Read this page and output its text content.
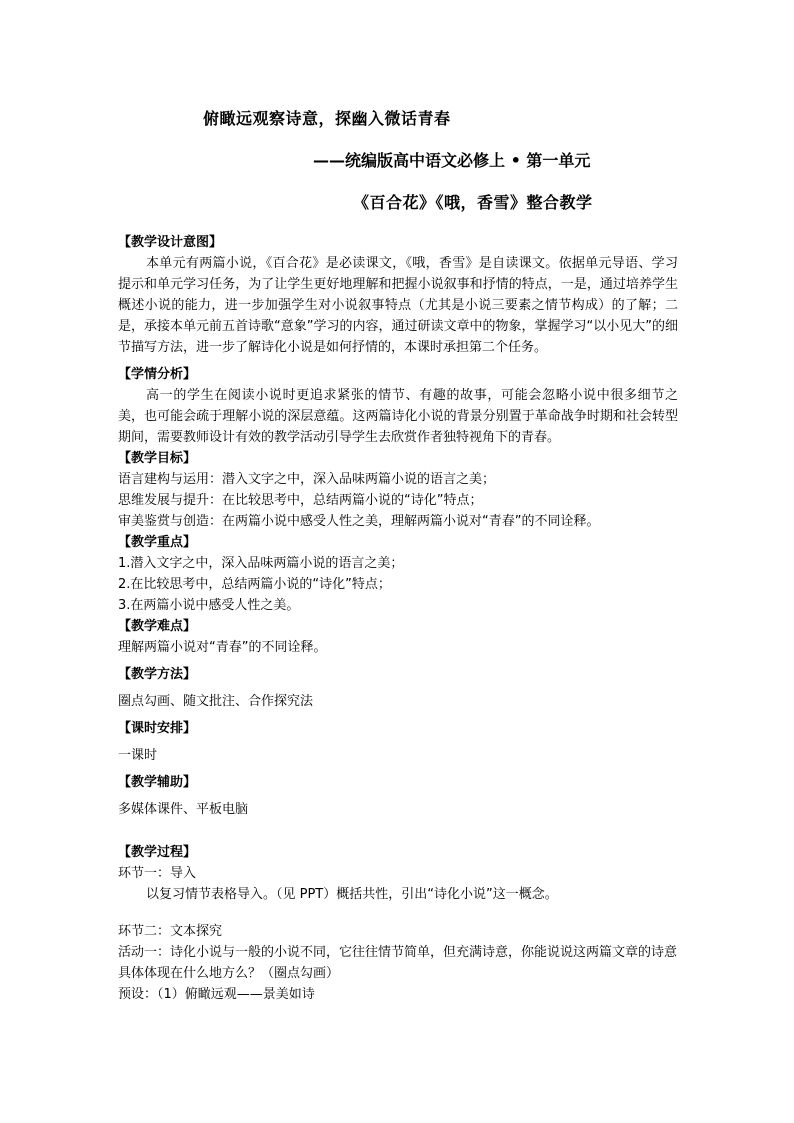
俯瞰远观察诗意，探幽入微话青春
——统编版高中语文必修上 • 第一单元
《百合花》《哦，香雪》整合教学

【教学设计意图】

本单元有两篇小说，《百合花》是必读课文，《哦，香雪》是自读课文。依据单元导语、学习提示和单元学习任务，为了让学生更好地理解和把握小说叙事和抒情的特点，一是，通过培养学生概述小说的能力，进一步加强学生对小说叙事特点（尤其是小说三要素之情节构成）的了解；二是，承接本单元前五首诗歌“意象”学习的内容，通过研读文章中的物象，掌握学习“以小见大”的细节描写方法，进一步了解诗化小说是如何抒情的，本课时承担第二个任务。

【学情分析】

高一的学生在阅读小说时更追求紧张的情节、有趣的故事，可能会忽略小说中很多细节之美，也可能会疏于理解小说的深层意蕴。这两篇诗化小说的背景分别置于革命战争时期和社会转型期间，需要教师设计有效的教学活动引导学生去欣赏作者独特视角下的青春。

【教学目标】

语言建构与运用：潜入文字之中，深入品味两篇小说的语言之美；

思维发展与提升：在比较思考中，总结两篇小说的“诗化”特点；

审美鉴赏与创造：在两篇小说中感受人性之美，理解两篇小说对“青春”的不同诠释。

【教学重点】

1.潜入文字之中，深入品味两篇小说的语言之美；

2.在比较思考中，总结两篇小说的“诗化”特点；

3.在两篇小说中感受人性之美。

【教学难点】

理解两篇小说对“青春”的不同诠释。

【教学方法】

圈点勾画、随文批注、合作探究法

【课时安排】

一课时

【教学辅助】

多媒体课件、平板电脑

【教学过程】

环节一：导入

以复习情节表格导入。（见 PPT）概括共性，引出“诗化小说”这一概念。

环节二：文本探究

活动一：诗化小说与一般的小说不同，它往往情节简单，但充满诗意，你能说说这两篇文章的诗意具体体现在什么地方么？（圈点勾画）

预设：（1）俯瞰远观——景美如诗
